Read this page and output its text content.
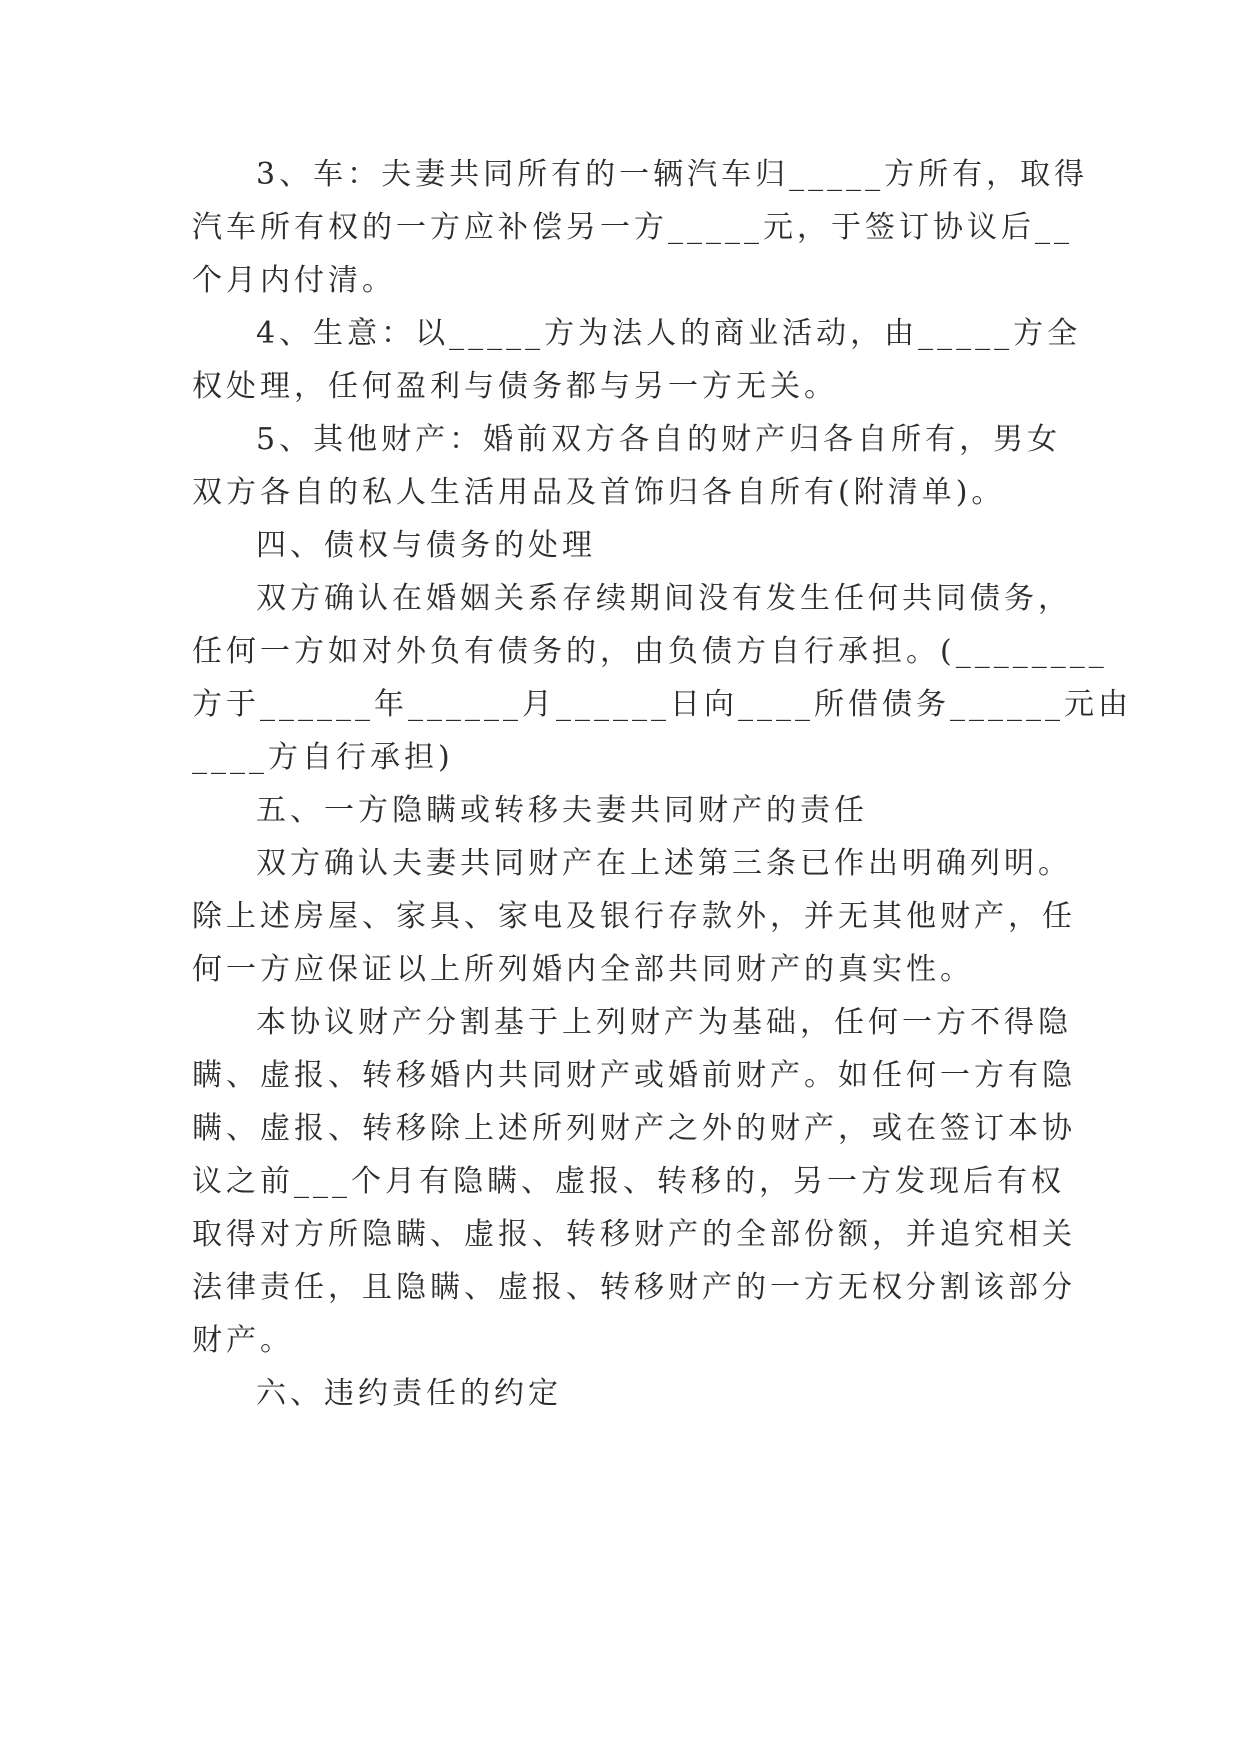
3、车：夫妻共同所有的一辆汽车归_____方所有，取得
汽车所有权的一方应补偿另一方_____元，于签订协议后__
个月内付清。
4、生意：以_____方为法人的商业活动，由_____方全
权处理，任何盈利与债务都与另一方无关。
5、其他财产：婚前双方各自的财产归各自所有，男女
双方各自的私人生活用品及首饰归各自所有(附清单)。
四、债权与债务的处理
双方确认在婚姻关系存续期间没有发生任何共同债务，
任何一方如对外负有债务的，由负债方自行承担。(________
方于______年______月______日向____所借债务______元由
____方自行承担)
五、一方隐瞒或转移夫妻共同财产的责任
双方确认夫妻共同财产在上述第三条已作出明确列明。
除上述房屋、家具、家电及银行存款外，并无其他财产，任
何一方应保证以上所列婚内全部共同财产的真实性。
本协议财产分割基于上列财产为基础，任何一方不得隐
瞒、虚报、转移婚内共同财产或婚前财产。如任何一方有隐
瞒、虚报、转移除上述所列财产之外的财产，或在签订本协
议之前___个月有隐瞒、虚报、转移的，另一方发现后有权
取得对方所隐瞒、虚报、转移财产的全部份额，并追究相关
法律责任，且隐瞒、虚报、转移财产的一方无权分割该部分
财产。
六、违约责任的约定
